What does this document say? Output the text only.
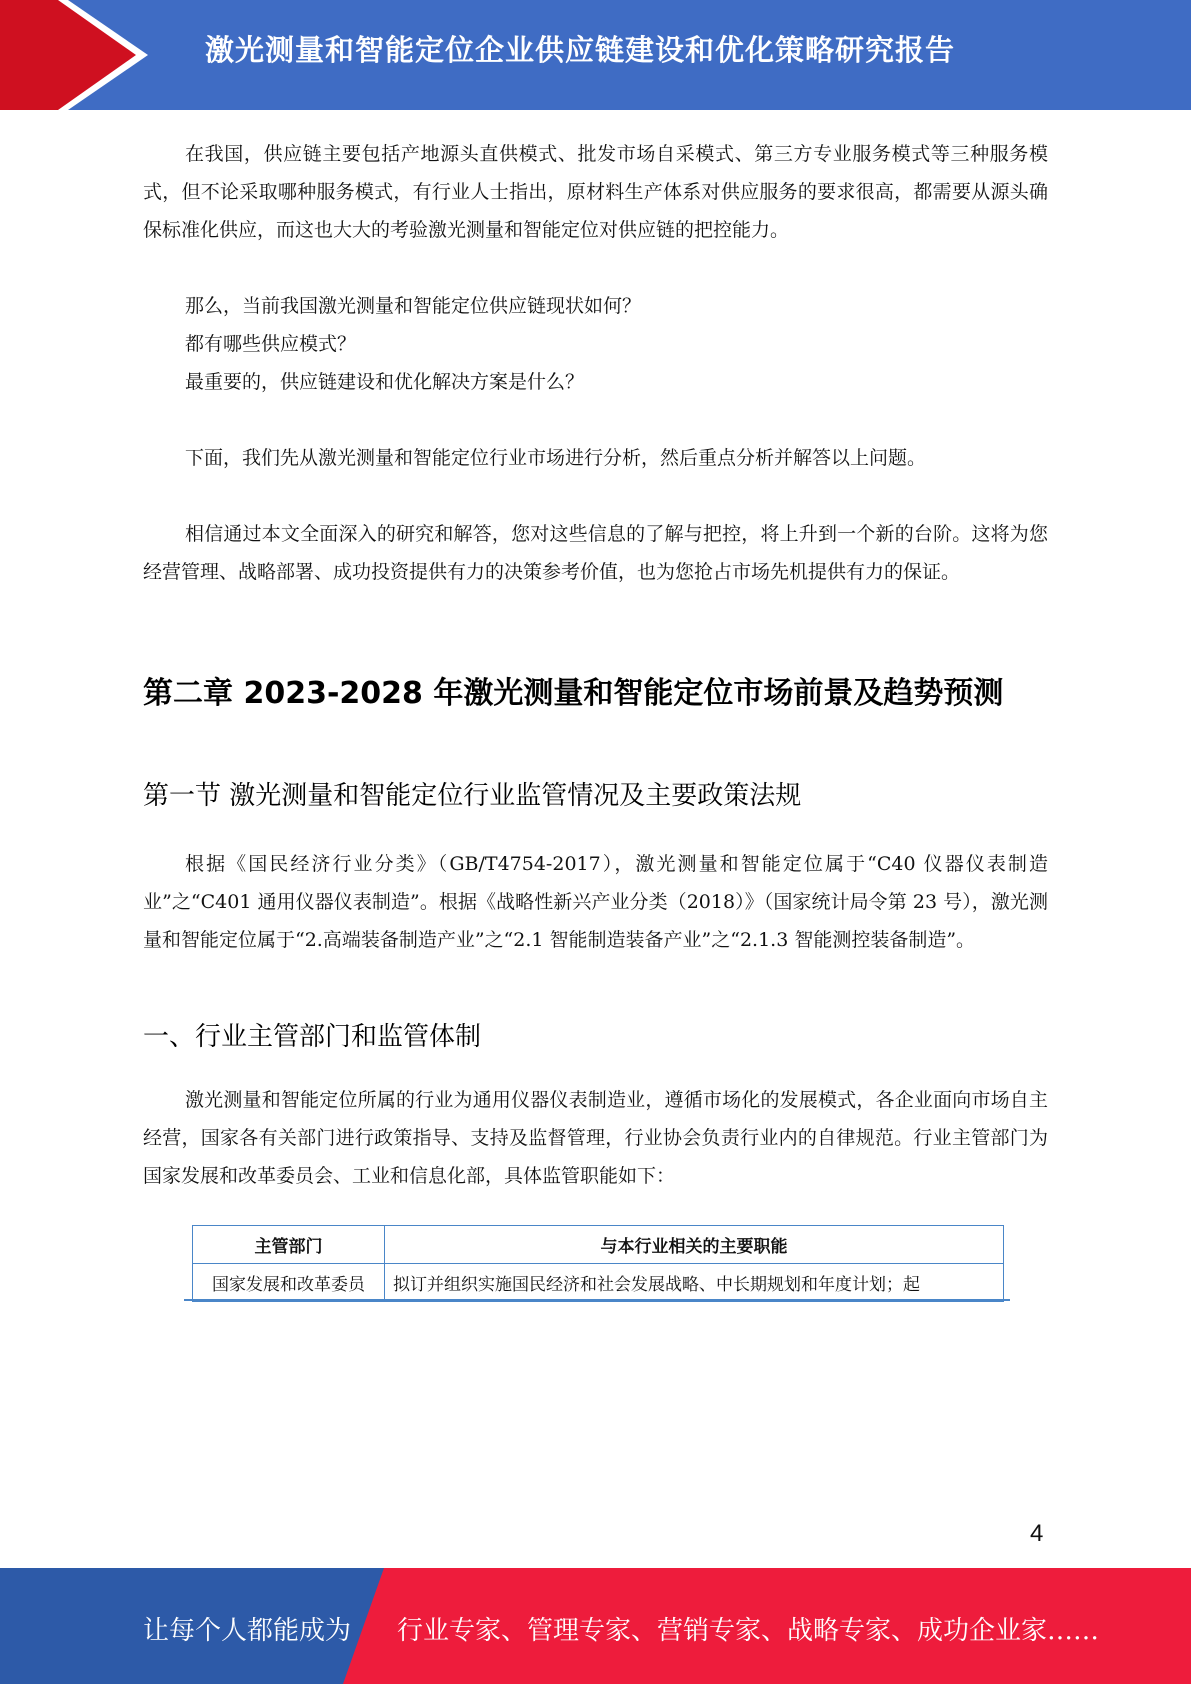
激光测量和智能定位企业供应链建设和优化策略研究报告

在我国，供应链主要包括产地源头直供模式、批发市场自采模式、第三方专业服务模式等三种服务模式，但不论采取哪种服务模式，有行业人士指出，原材料生产体系对供应服务的要求很高，都需要从源头确保标准化供应，而这也大大的考验激光测量和智能定位对供应链的把控能力。

那么，当前我国激光测量和智能定位供应链现状如何？

都有哪些供应模式？

最重要的，供应链建设和优化解决方案是什么？

下面，我们先从激光测量和智能定位行业市场进行分析，然后重点分析并解答以上问题。

相信通过本文全面深入的研究和解答，您对这些信息的了解与把控，将上升到一个新的台阶。这将为您经营管理、战略部署、成功投资提供有力的决策参考价值，也为您抢占市场先机提供有力的保证。

第二章 2023-2028 年激光测量和智能定位市场前景及趋势预测
第一节 激光测量和智能定位行业监管情况及主要政策法规

根据《国民经济行业分类》（GB/T4754-2017），激光测量和智能定位属于“C40 仪器仪表制造业”之“C401 通用仪器仪表制造”。根据《战略性新兴产业分类（2018）》（国家统计局令第 23 号），激光测量和智能定位属于“2.高端装备制造产业”之“2.1 智能制造装备产业”之“2.1.3 智能测控装备制造”。

一、行业主管部门和监管体制

激光测量和智能定位所属的行业为通用仪器仪表制造业，遵循市场化的发展模式，各企业面向市场自主经营，国家各有关部门进行政策指导、支持及监督管理，行业协会负责行业内的自律规范。行业主管部门为国家发展和改革委员会、工业和信息化部，具体监管职能如下：

主管部门	与本行业相关的主要职能
国家发展和改革委员	拟订并组织实施国民经济和社会发展战略、中长期规划和年度计划；起
4
让每个人都能成为 行业专家、管理专家、营销专家、战略专家、成功企业家……
